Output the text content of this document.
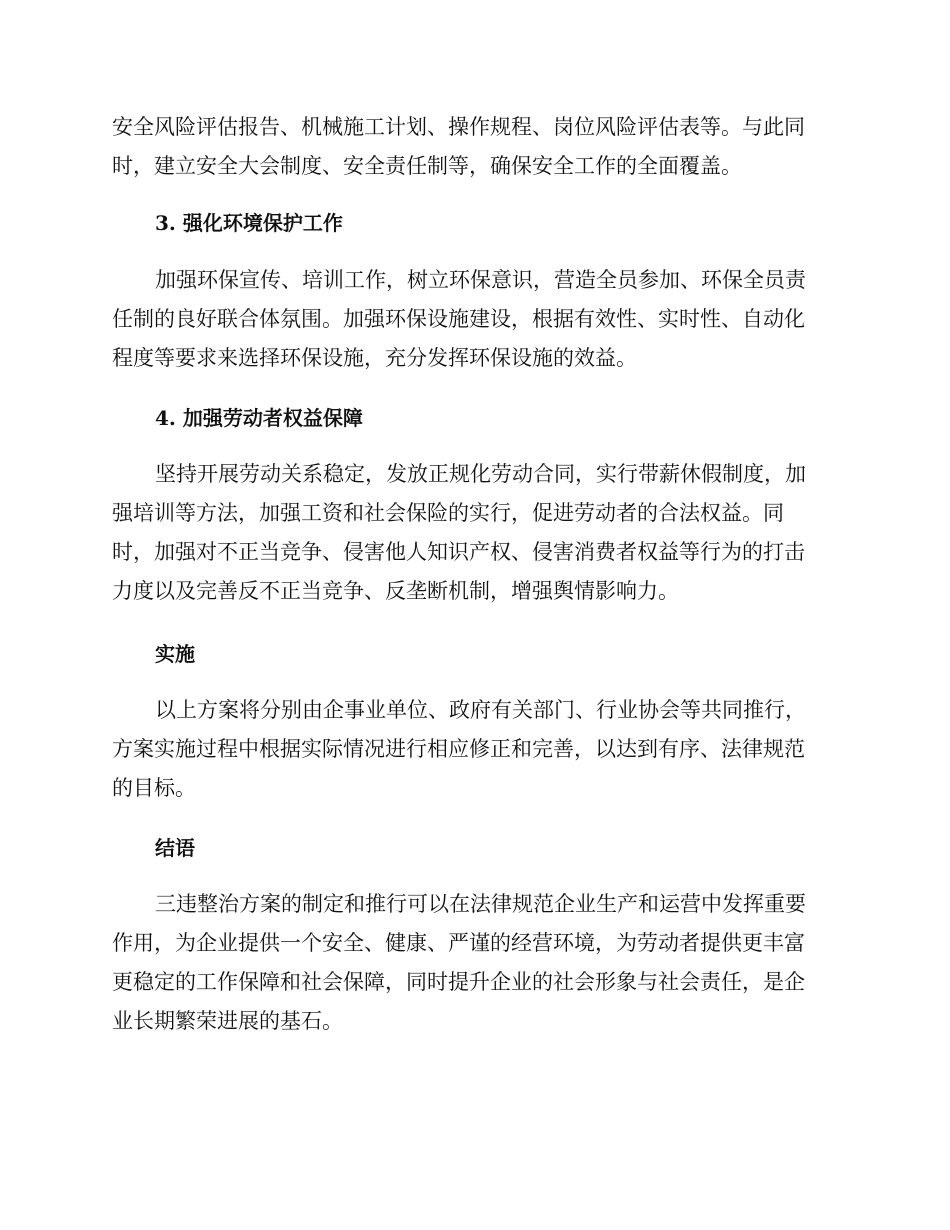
安全风险评估报告、机械施工计划、操作规程、岗位风险评估表等。与此同
时，建立安全大会制度、安全责任制等，确保安全工作的全面覆盖。
3. 强化环境保护工作
加强环保宣传、培训工作，树立环保意识，营造全员参加、环保全员责
任制的良好联合体氛围。加强环保设施建设，根据有效性、实时性、自动化
程度等要求来选择环保设施，充分发挥环保设施的效益。
4. 加强劳动者权益保障
坚持开展劳动关系稳定，发放正规化劳动合同，实行带薪休假制度，加
强培训等方法，加强工资和社会保险的实行，促进劳动者的合法权益。同
时，加强对不正当竞争、侵害他人知识产权、侵害消费者权益等行为的打击
力度以及完善反不正当竞争、反垄断机制，增强舆情影响力。
实施
以上方案将分别由企事业单位、政府有关部门、行业协会等共同推行，
方案实施过程中根据实际情况进行相应修正和完善，以达到有序、法律规范
的目标。
结语
三违整治方案的制定和推行可以在法律规范企业生产和运营中发挥重要
作用，为企业提供一个安全、健康、严谨的经营环境，为劳动者提供更丰富
更稳定的工作保障和社会保障，同时提升企业的社会形象与社会责任，是企
业长期繁荣进展的基石。
